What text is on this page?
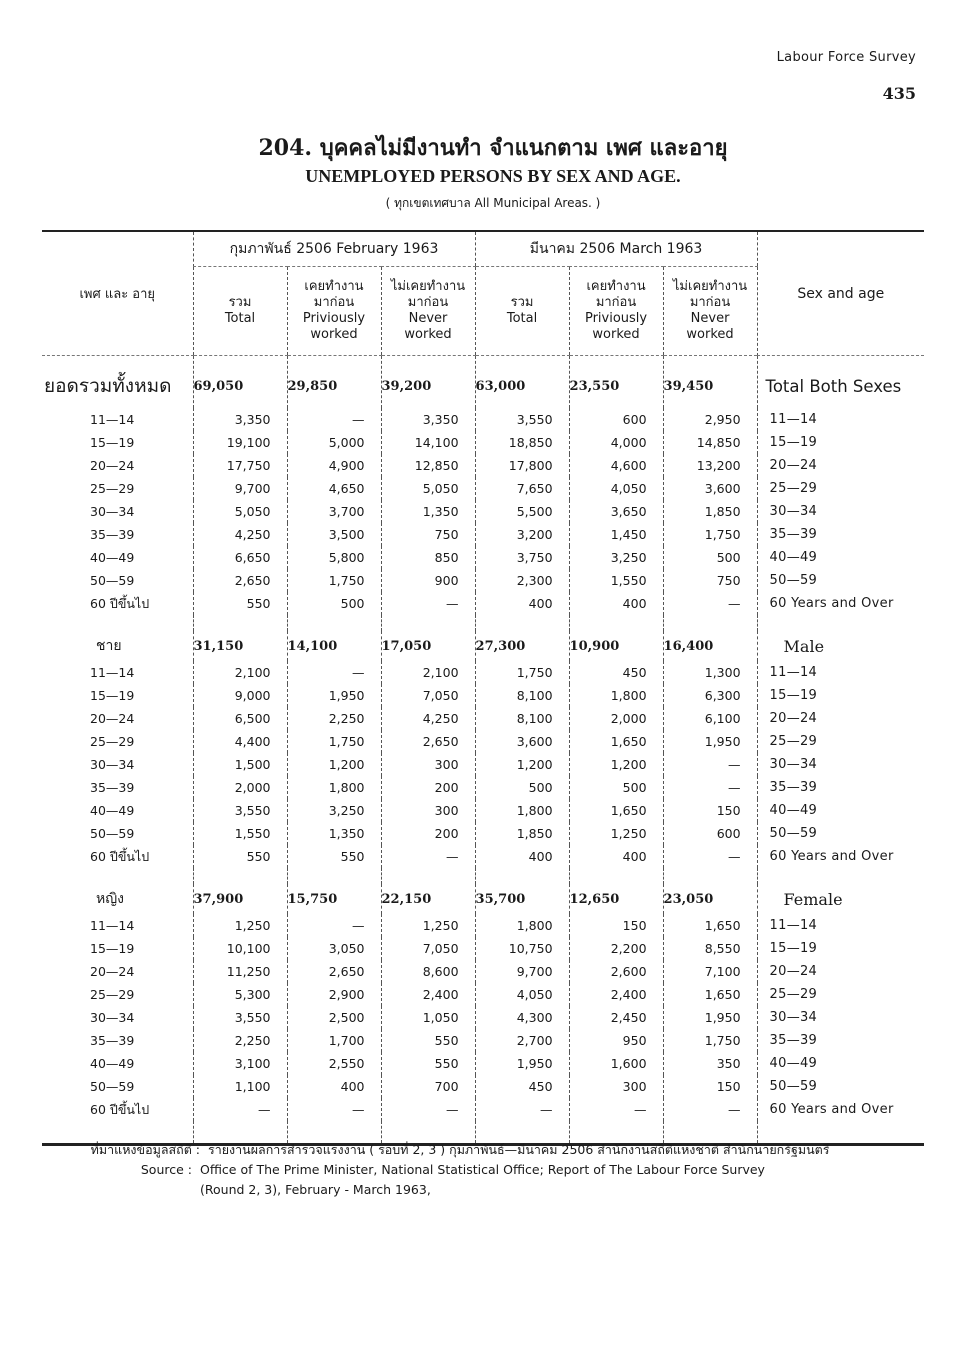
Labour Force Survey
435
204. บุคคลไม่มีงานทำ จำแนกตาม เพศ และอายุ
UNEMPLOYED PERSONS BY SEX AND AGE.
( ทุกเขตเทศบาล All Municipal Areas. )
เพศ และ อายุ	กุมภาพันธ์ 2506 February 1963			มีนาคม 2506 March 1963			Sex and age

รวม
Total

เคยทำงาน
มาก่อน
Priviously
worked

ไม่เคยทำงาน
มาก่อน
Never
worked

รวม
Total

เคยทำงาน
มาก่อน
Priviously
worked

ไม่เคยทำงาน
มาก่อน
Never
worked

ยอดรวมทั้งหมด	69,050	29,850	39,200	63,000	23,550	39,450	Total Both Sexes
11—14	3,350	—	3,350	3,550	600	2,950	11—14
15—19	19,100	5,000	14,100	18,850	4,000	14,850	15—19
20—24	17,750	4,900	12,850	17,800	4,600	13,200	20—24
25—29	9,700	4,650	5,050	7,650	4,050	3,600	25—29
30—34	5,050	3,700	1,350	5,500	3,650	1,850	30—34
35—39	4,250	3,500	750	3,200	1,450	1,750	35—39
40—49	6,650	5,800	850	3,750	3,250	500	40—49
50—59	2,650	1,750	900	2,300	1,550	750	50—59
60 ปีขึ้นไป	550	500	—	400	400	—	60 Years and Over

ชาย	31,150	14,100	17,050	27,300	10,900	16,400	Male
11—14	2,100	—	2,100	1,750	450	1,300	11—14
15—19	9,000	1,950	7,050	8,100	1,800	6,300	15—19
20—24	6,500	2,250	4,250	8,100	2,000	6,100	20—24
25—29	4,400	1,750	2,650	3,600	1,650	1,950	25—29
30—34	1,500	1,200	300	1,200	1,200	—	30—34
35—39	2,000	1,800	200	500	500	—	35—39
40—49	3,550	3,250	300	1,800	1,650	150	40—49
50—59	1,550	1,350	200	1,850	1,250	600	50—59
60 ปีขึ้นไป	550	550	—	400	400	—	60 Years and Over

หญิง	37,900	15,750	22,150	35,700	12,650	23,050	Female
11—14	1,250	—	1,250	1,800	150	1,650	11—14
15—19	10,100	3,050	7,050	10,750	2,200	8,550	15—19
20—24	11,250	2,650	8,600	9,700	2,600	7,100	20—24
25—29	5,300	2,900	2,400	4,050	2,400	1,650	25—29
30—34	3,550	2,500	1,050	4,300	2,450	1,950	30—34
35—39	2,250	1,700	550	2,700	950	1,750	35—39
40—49	3,100	2,550	550	1,950	1,600	350	40—49
50—59	1,100	400	700	450	300	150	50—59
60 ปีขึ้นไป	—	—	—	—	—	—	60 Years and Over

ที่มาแห่งข้อมูลสถิติ : รายงานผลการสำรวจแรงงาน ( รอบที่ 2, 3 ) กุมภาพันธ์—มีนาคม 2506 สำนักงานสถิติแห่งชาติ สำนักนายกรัฐมนตรี
Source : Office of The Prime Minister, National Statistical Office; Report of The Labour Force Survey
(Round 2, 3), February - March 1963,
